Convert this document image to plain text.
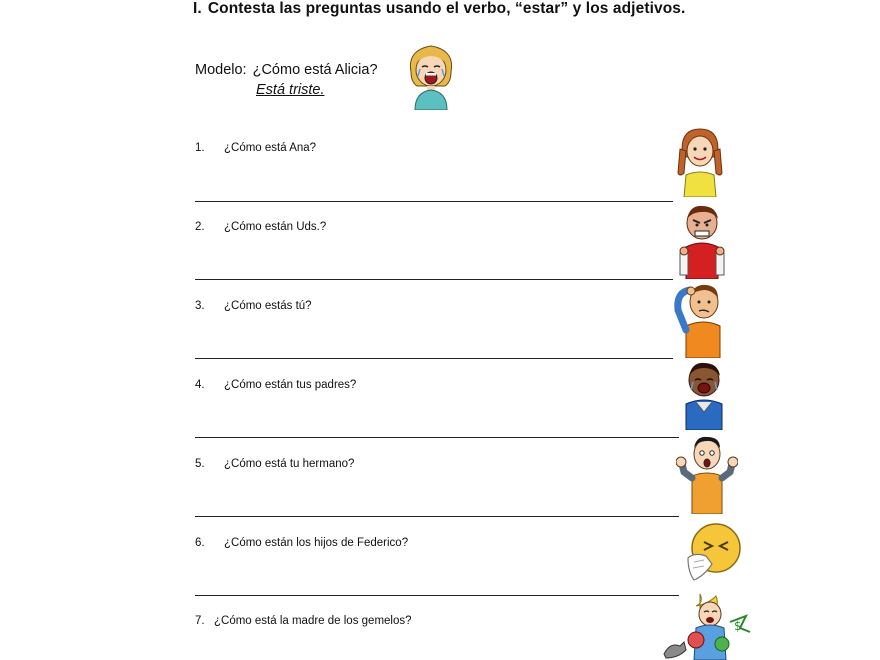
I. Contesta las preguntas usando el verbo, “estar” y los adjetivos.
Modelo: ¿Cómo está Alicia?
Está triste.
1.	¿Cómo está Ana?
2.	¿Cómo están Uds.?
3.	¿Cómo estás tú?
4.	¿Cómo están tus padres?
5.	¿Cómo está tu hermano?
6.	¿Cómo están los hijos de Federico?
7. ¿Cómo está la madre de los gemelos?	$
